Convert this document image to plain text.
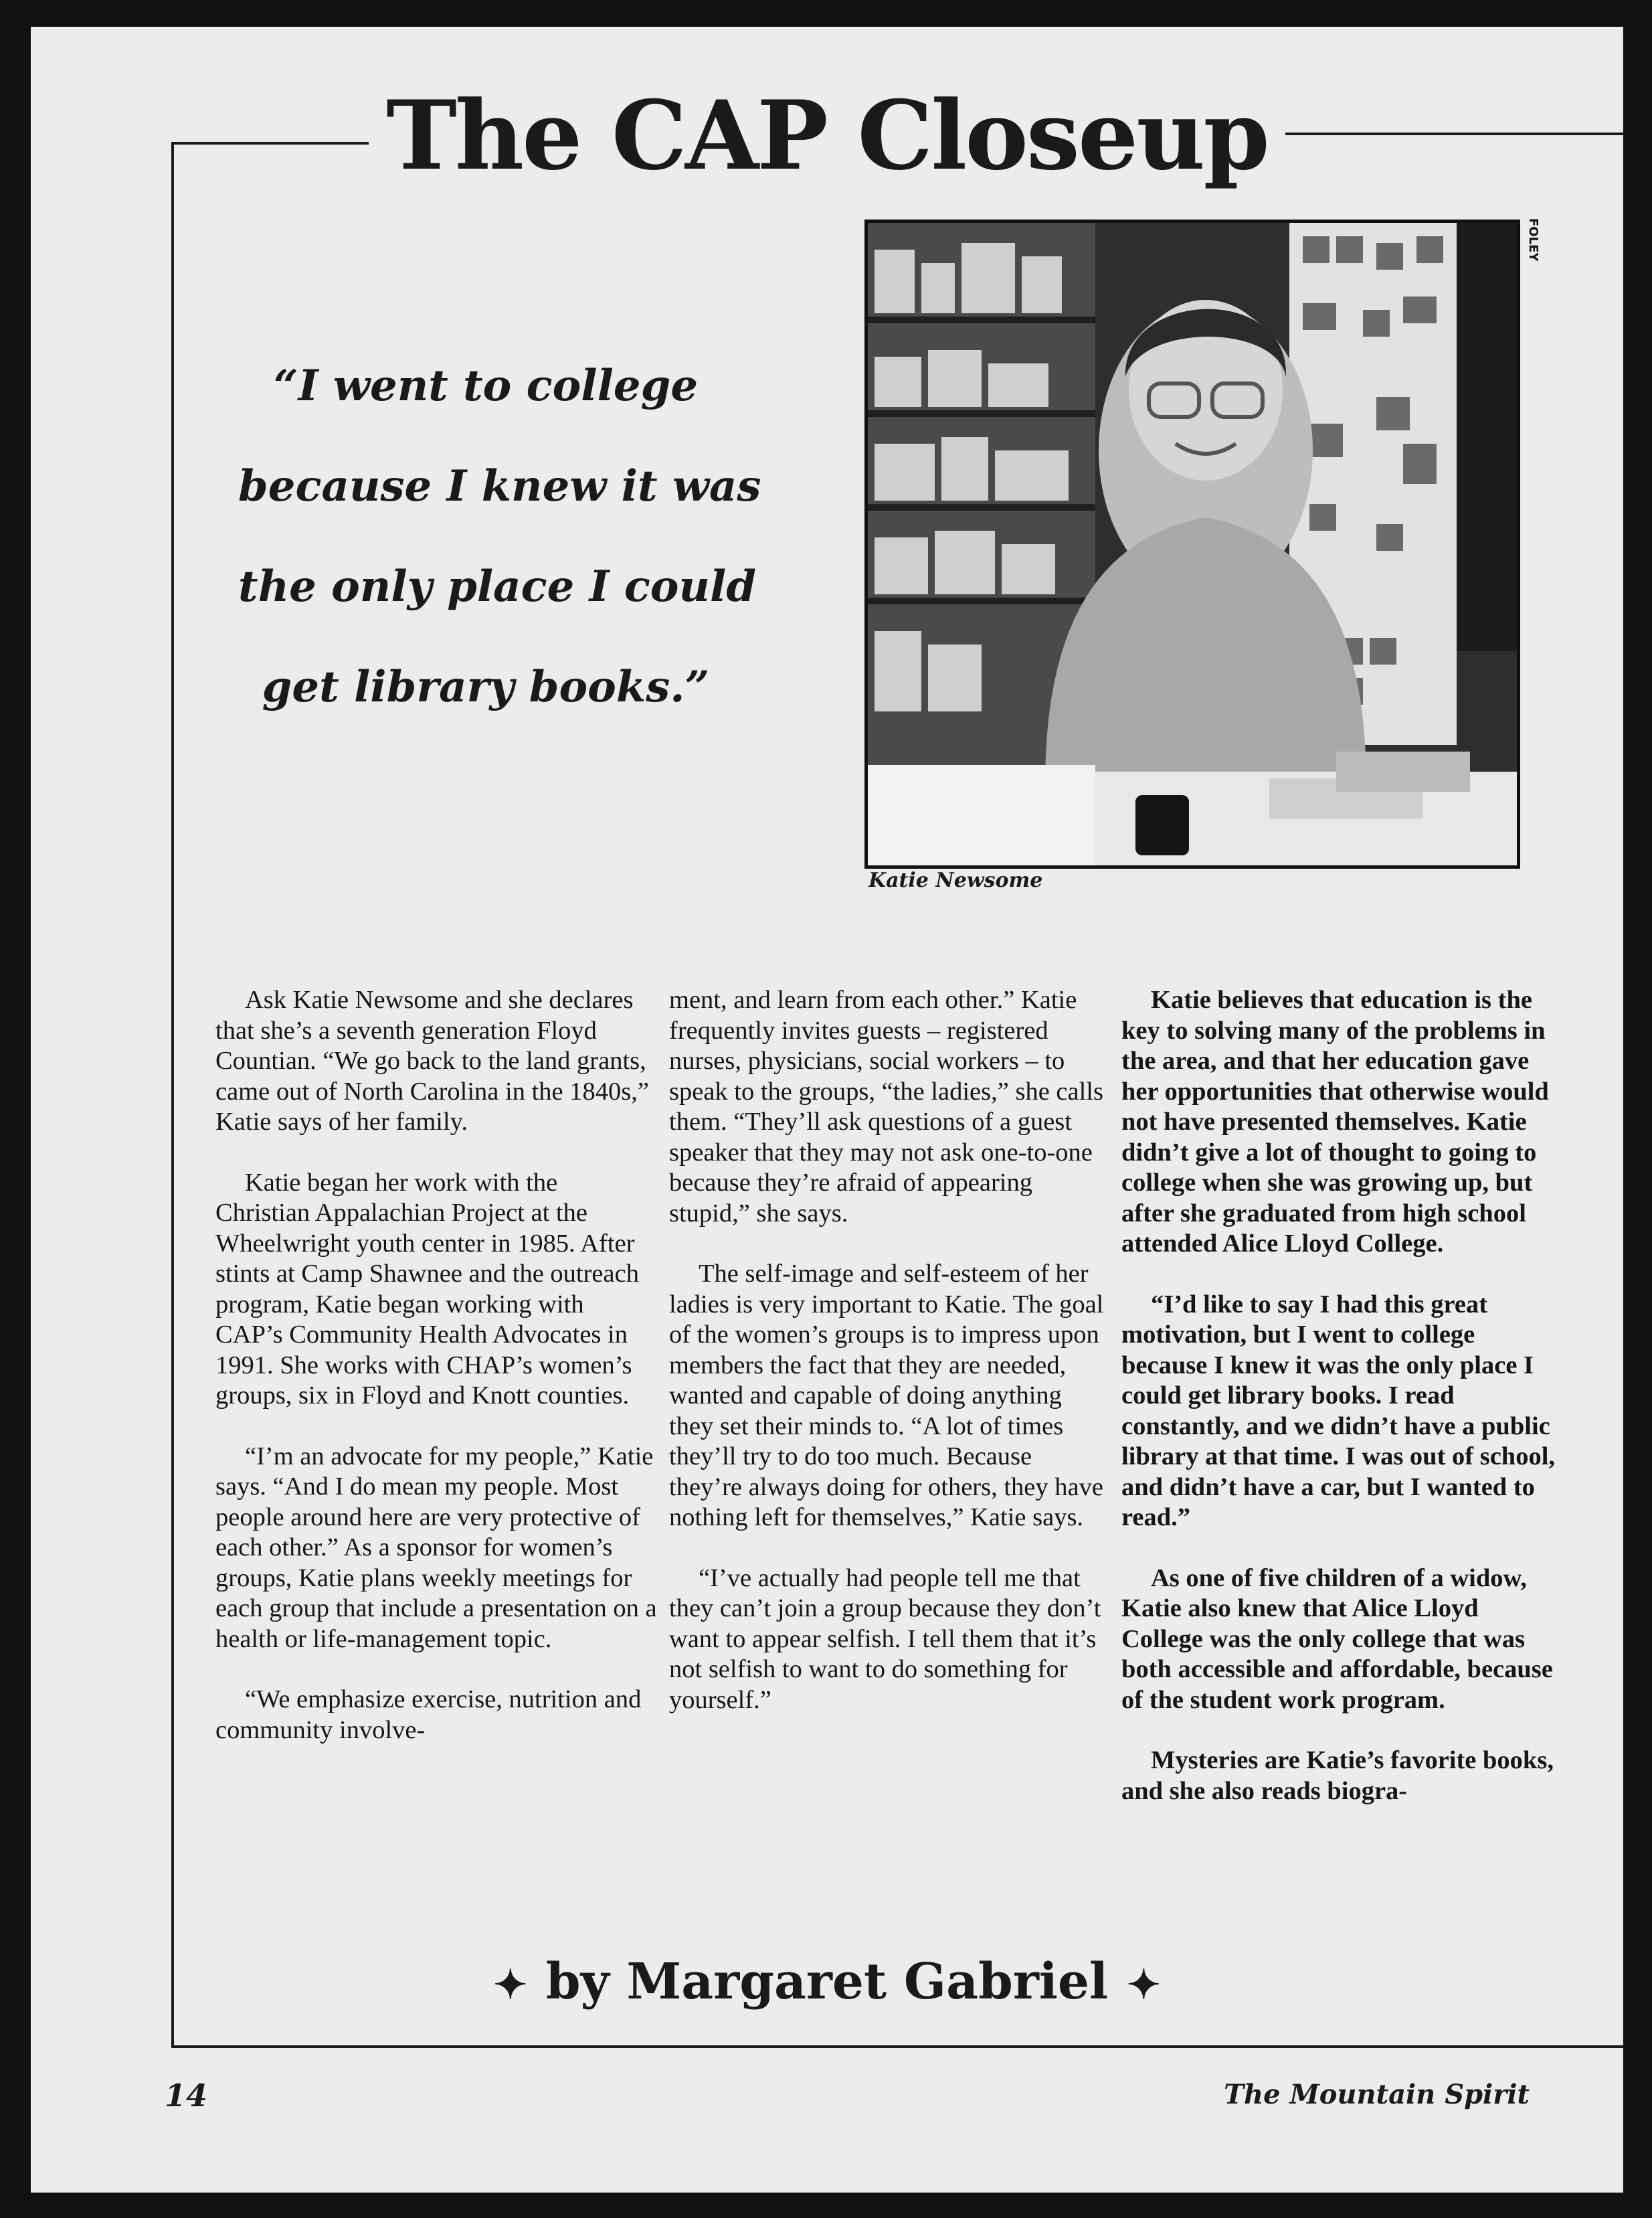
The CAP Closeup
“I went to college
because I knew it was
the only place I could
get library books.”
FOLEY
Katie Newsome

Ask Katie Newsome and she declares that she’s a seventh generation Floyd Countian. “We go back to the land grants, came out of North Carolina in the 1840s,” Katie says of her family.

Katie began her work with the Christian Appalachian Project at the Wheelwright youth center in 1985. After stints at Camp Shawnee and the outreach program, Katie began working with CAP’s Community Health Advocates in 1991. She works with CHAP’s women’s groups, six in Floyd and Knott counties.

“I’m an advocate for my people,” Katie says. “And I do mean my people. Most people around here are very protective of each other.” As a sponsor for women’s groups, Katie plans weekly meetings for each group that include a presentation on a health or life-management topic.

“We emphasize exercise, nutrition and community involve-

ment, and learn from each other.” Katie frequently invites guests – registered nurses, physicians, social workers – to speak to the groups, “the ladies,” she calls them. “They’ll ask questions of a guest speaker that they may not ask one-to-one because they’re afraid of appearing stupid,” she says.

The self-image and self-esteem of her ladies is very important to Katie. The goal of the women’s groups is to impress upon members the fact that they are needed, wanted and capable of doing anything they set their minds to. “A lot of times they’ll try to do too much. Because they’re always doing for others, they have nothing left for themselves,” Katie says.

“I’ve actually had people tell me that they can’t join a group because they don’t want to appear selfish. I tell them that it’s not selfish to want to do something for yourself.”

Katie believes that education is the key to solving many of the problems in the area, and that her education gave her opportunities that otherwise would not have presented themselves. Katie didn’t give a lot of thought to going to college when she was growing up, but after she graduated from high school attended Alice Lloyd College.

“I’d like to say I had this great motivation, but I went to college because I knew it was the only place I could get library books. I read constantly, and we didn’t have a public library at that time. I was out of school, and didn’t have a car, but I wanted to read.”

As one of five children of a widow, Katie also knew that Alice Lloyd College was the only college that was both accessible and affordable, because of the student work program.

Mysteries are Katie’s favorite books, and she also reads biogra-

✦ by Margaret Gabriel ✦
14	The Mountain Spirit
